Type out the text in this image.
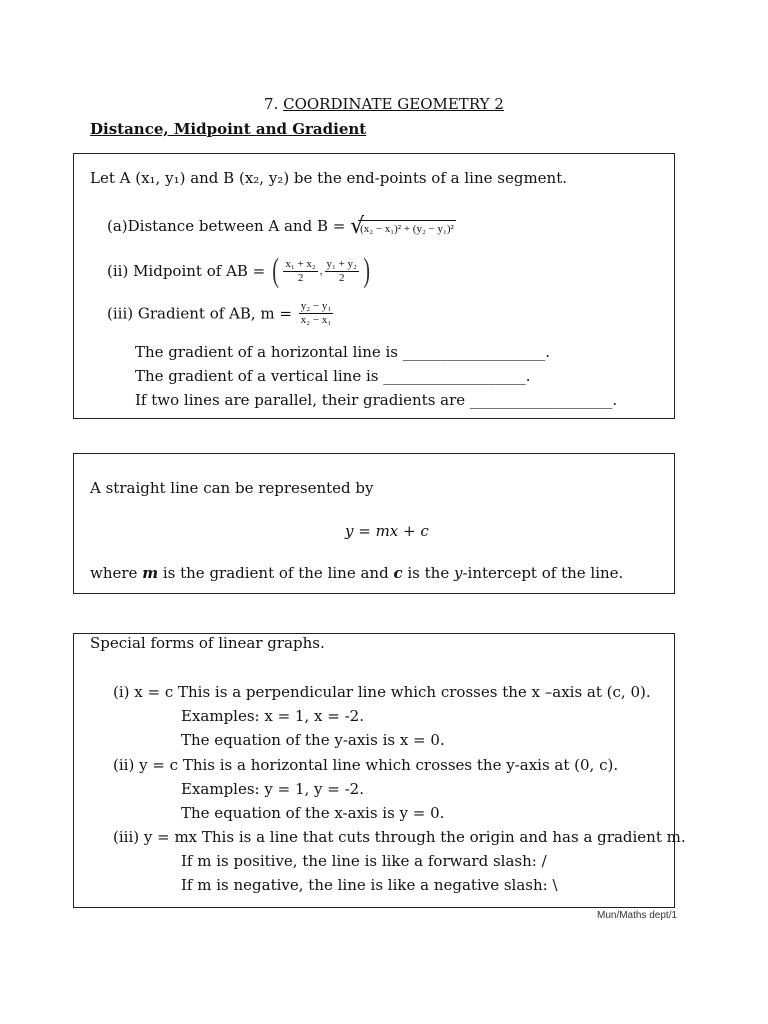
7. COORDINATE GEOMETRY 2
Distance, Midpoint and Gradient
Let A (x₁, y₁) and B (x₂, y₂) be the end-points of a line segment.
(a)Distance between A and B = √
(x₂ − x₁)² + (y₂ − y₁)²
(ii) Midpoint of AB = ( $\frac{\text{x₁ + x₂}}{2}$ , $\frac{\text{y₁ + y₂}}{2}$ )
(iii) Gradient of AB, $m = \frac{\text{y₂ − y₁}}{\text{x₂ − x₁}}$
The gradient of a horizontal line is ___________________.
The gradient of a vertical line is ___________________.
If two lines are parallel, their gradients are ___________________.
A straight line can be represented by
y = mx + c
where m is the gradient of the line and c is the y-intercept of the line.
Special forms of linear graphs.
(i) x = c This is a perpendicular line which crosses the x –axis at (c, 0).
Examples: x = 1, x = -2.
The equation of the y-axis is x = 0.
(ii) y = c This is a horizontal line which crosses the y-axis at (0, c).
Examples: y = 1, y = -2.
The equation of the x-axis is y = 0.
(iii) y = mx This is a line that cuts through the origin and has a gradient m.
If m is positive, the line is like a forward slash: /
If m is negative, the line is like a negative slash: \
Mun/Maths dept/1
